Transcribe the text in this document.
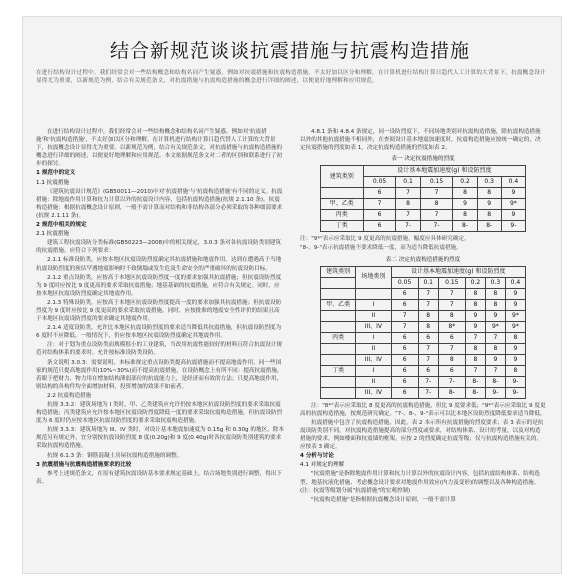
结合新规范谈谈抗震措施与抗震构造措施
在进行结构设计过程中，我们经常会对一些结构概念和结构名词产生疑惑，例如对抗震措施和抗震构造措施，不太好加以区分和理解。在计算机进行结构计算日趋代人工计算的大背景下，抗震概念设计显得尤为重要，以新规范为例，结合有关规范条文，对抗震措施与抗震构造措施的概念进行详细的阐述，以便更好地理解和应用规范。

在进行结构设计过程中，我们经常会对一些结构概念和结构名词产生疑惑，例如对'抗震措施'和'抗震构造措施'，不太好加以区分和理解。在计算机进行结构计算日趋代替人工计算的大背景下，抗震概念设计显得尤为重要。以新规范为例，结合有关规范条文，对抗震措施与抗震构造措施的概念进行详细的阐述，以便更好地理解和应用规范。本文依据规范条文对二者的区别和联系进行了初步的探讨。

1 规范中的定义

1.1 抗震措施

《建筑抗震设计规范》(GB50011—2010)中对'抗震措施'与'抗震构造措施'有不同的定义。抗震措施：除地震作用计算和抗力计算以外的抗震设计内容，包括抗震构造措施(抗规 2.1.10 条)。抗震构造措施：根据抗震概念设计原则，一般不需计算而对结构和非结构各部分必须采取的各种细部要求(抗规 2.1.11 条)。

2 规范中相关的规定

2.1 抗震措施

建筑工程抗震设防分类标准(GB50223—2008)中的相关规定，3.0.3 条对各抗震设防类别建筑的抗震措施，应符合下列要求：

2.1.1 标准设防类，应按本地区抗震设防烈度确定其抗震措施和地震作用，达到在遭遇高于当地抗震设防烈度的预估罕遇地震影响时不致倒塌或发生危及生命安全的严重破坏的抗震设防目标。

2.1.2 重点设防类，应按高于本地区抗震设防烈度一度的要求加强其抗震措施；但抗震设防烈度为 9 度时应按比 9 度更高的要求采取抗震措施；地基基础的抗震措施，应符合有关规定。同时，应按本地区抗震设防烈度确定其地震作用。

2.1.3 特殊设防类，应按高于本地区抗震设防烈度提高一度的要求加强其抗震措施；但抗震设防烈度为 9 度时应按比 9 度更高的要求采取抗震措施。同时，应按批准的地震安全性评价的结果且高于本地区抗震设防烈度的要求确定其地震作用。

2.1.4 适度设防类，允许比本地区抗震设防烈度的要求适当降低其抗震措施，但抗震设防烈度为 6 度时不应降低。一般情况下，仍应按本地区抗震设防烈度确定其地震作用。

注：对于划为重点设防类而规模很小的工业建筑，当改用抗震性能较好的材料且符合抗震设计规范对结构体系的要求时，允许按标准设防类设防。

条文说明 3.0.3：需要说明，本标准规定重点设防类提高抗震措施而不提高地震作用，同一些国家的规范只提高地震作用(10%~30%)而不提高抗震措施，在设防概念上有所不同：提高抗震措施，着眼于把财力、物力用在增加结构薄弱部位的抗震能力上，是经济而有效的方法；只提高地震作用，则结构的各构件均全面增加材料，投资增加的效果不如前者。

2.2 抗震构造措施

抗规 3.3.2：建筑场地为 I 类时，甲、乙类建筑应允许仍按本地区抗震设防烈度的要求采取抗震构造措施；丙类建筑应允许按本地区抗震设防烈度降低一度的要求采取抗震构造措施，但抗震设防烈度为 6 度时仍应按本地区抗震设防烈度的要求采取抗震构造措施。

抗规 3.3.3：建筑场地为 III、IV 类时，对设计基本地震加速度为 0.15g 和 0.30g 的地区，除本规范另有规定外，宜分别按抗震设防烈度 8 度(0.20g)和 9 度(0.40g)时各抗震设防类别建筑的要求采取抗震构造措施。

抗规 6.1.3 条：钢筋混凝土房屋抗震构造措施的调整。

3 抗震措施与抗震构造措施要求的比较

参考上述规范条文，在原有建筑抗震设防基本要求规定基础上，结合场地类别进行调整，得出下表。

4.8.1 条和 4.8.4 条规定，同一设防烈度下，不同场地类别对抗震构造措施，除抗震构造措施以外的其他抗震措施不相同外，在查阅设计基本地震加速度时，抗震构造措施应按统一确定的，决定抗震措施的烈度如表 1，决定抗震构造措施的烈度如表 2。

表一 决定抗震措施的烈度

建筑类别	设计基本地震加速度(g) 和设防烈度					
	0.05	0.1	0.15	0.2	0.3	0.4
	6	7	7	8	8	9
甲、乙类	7	8	8	9	9	9*
丙类	6	7	7	8	8	9
丁类	6	7-	7-	8-	8-	9-

注："9*"表示应采取比 9 度更高的抗震措施，幅度应具体研究确定。

"8-、9-"表示抗震措施不要求降低一度，而为适当降低抗震措施。

表二 决定抗震构造措施的烈度

建筑类别	场地类别	设计基本地震加速度(g) 和设防烈度					
		0.05	0.1	0.15	0.2	0.3	0.4
		6	7	7	8	8	9
甲、乙类	I	6	7	7	8	8	9
	II	7	8	8	9	9	9*
	III、IV	7	8	8*	9	9*	9*
丙类	I	6	6	6	7	7	8
	II	6	7	7	8	8	9
	III、IV	6	7	8	8	9	9
丁类	I	6	6	6	7	7	8
	II	6	7-	7-	8-	8-	9-
	III、IV	6	7-	8-	8-	9-	9-

注："8*"表示应采取比 8 度更高的抗震构造措施，但比 9 度要求低；"9*"表示应采取比 9 度更高的抗震构造措施，按规范研究确定。"7-、8-、9-"表示可以比本地区设防烈度降低要求适当降低。

抗震措施中包含了抗震构造措施，因此，表 2 本示所有抗震措施的烈度要求；表 3 表示的是抗震设防类别不同，对抗震构造措施提高的部分烈度或要求，对结构体系、设计的考量，以及对构造措施的要求，例如楼面和抗震墙的框架，应按 2 的烈度确定抗震等级；仅与抗震构造措施有关的，应按表 3 确定。

4 分析与讨论

4.1 对规定的理解

"抗震措施"是指除地震作用计算和抗力计算以外的抗震设计内容，包括抗震结构体系、结构选型、地基抗液化措施、考虑概念设计要求对地震作用效应(内力及变形)的调整以及各种构造措施。(注：抗震等级划分属"抗震措施"的宏观控制)

"抗震构造措施"是指根据抗震概念设计原则，一般不需计算
